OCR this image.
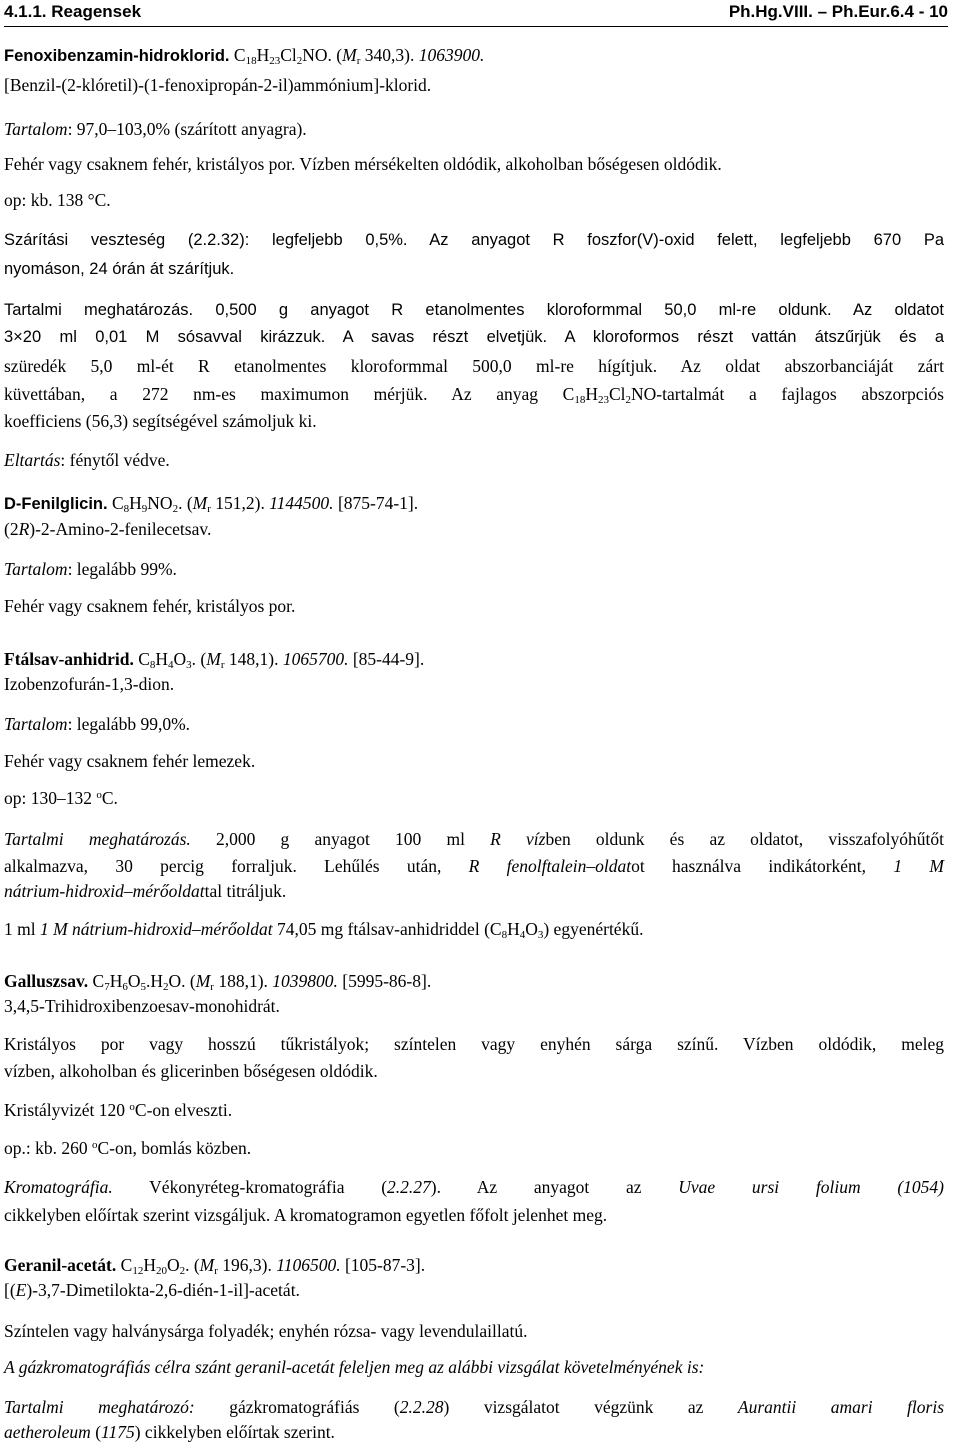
4.1.1. Reagensek	Ph.Hg.VIII. – Ph.Eur.6.4 - 10
Fenoxibenzamin-hidroklorid. $C_{18}H_{23}Cl_2NO$. ($M_r$ 340,3). 1063900.
[Benzil-(2-klóretil)-(1-fenoxipropán-2-il)ammónium]-klorid.
Tartalom: 97,0–103,0% (szárított anyagra).
Fehér vagy csaknem fehér, kristályos por. Vízben mérsékelten oldódik, alkoholban bőségesen oldódik.
op: kb. 138 °C.
Szárítási veszteség (2.2.32): legfeljebb 0,5%. Az anyagot R foszfor(V)-oxid felett, legfeljebb 670 Pa
nyomáson, 24 órán át szárítjuk.
Tartalmi meghatározás. 0,500 g anyagot R etanolmentes kloroformmal 50,0 ml-re oldunk. Az oldatot
3×20 ml 0,01 M sósavval kirázzuk. A savas részt elvetjük. A kloroformos részt vattán átszűrjük és a
szüredék 5,0 ml-ét R etanolmentes kloroformmal 500,0 ml-re hígítjuk. Az oldat abszorbanciáját zárt
küvettában, a 272 nm-es maximumon mérjük. Az anyag $C_{18}H_{23}Cl_2NO$-tartalmát a fajlagos abszorpciós
koefficiens (56,3) segítségével számoljuk ki.
Eltartás: fénytől védve.
D-Fenilglicin. $C_8H_9NO_2$. ($M_r$ 151,2). 1144500. [875-74-1].
(2R)-2-Amino-2-fenilecetsav.
Tartalom: legalább 99%.
Fehér vagy csaknem fehér, kristályos por.
Ftálsav-anhidrid. $C_8H_4O_3$. ($M_r$ 148,1). 1065700. [85-44-9].
Izobenzofurán-1,3-dion.
Tartalom: legalább 99,0%.
Fehér vagy csaknem fehér lemezek.
op: 130–132 $^o$C.
Tartalmi meghatározás. 2,000 g anyagot 100 ml R vízben oldunk és az oldatot, visszafolyóhűtőt
alkalmazva, 30 percig forraljuk. Lehűlés után, R fenolftalein–oldatot használva indikátorként, 1 M
nátrium-hidroxid–mérőoldattal titráljuk.
1 ml 1 M nátrium-hidroxid–mérőoldat 74,05 mg ftálsav-anhidriddel $(C_8H_4O_3)$ egyenértékű.
Galluszsav. $C_7H_6O_5.H_2O$. ($M_r$ 188,1). 1039800. [5995-86-8].
3,4,5-Trihidroxibenzoesav-monohidrát.
Kristályos por vagy hosszú tűkristályok; színtelen vagy enyhén sárga színű. Vízben oldódik, meleg
vízben, alkoholban és glicerinben bőségesen oldódik.
Kristályvizét 120 $^o$C-on elveszti.
op.: kb. 260 $^o$C-on, bomlás közben.
Kromatográfia. Vékonyréteg-kromatográfia (2.2.27). Az anyagot az Uvae ursi folium (1054)
cikkelyben előírtak szerint vizsgáljuk. A kromatogramon egyetlen főfolt jelenhet meg.
Geranil-acetát. $C_{12}H_{20}O_2$. ($M_r$ 196,3). 1106500. [105-87-3].
[(E)-3,7-Dimetilokta-2,6-dién-1-il]-acetát.
Színtelen vagy halványsárga folyadék; enyhén rózsa- vagy levendulaillatú.
A gázkromatográfiás célra szánt geranil-acetát feleljen meg az alábbi vizsgálat követelményének is:
Tartalmi meghatározó: gázkromatográfiás (2.2.28) vizsgálatot végzünk az Aurantii amari floris
aetheroleum (1175) cikkelyben előírtak szerint.
